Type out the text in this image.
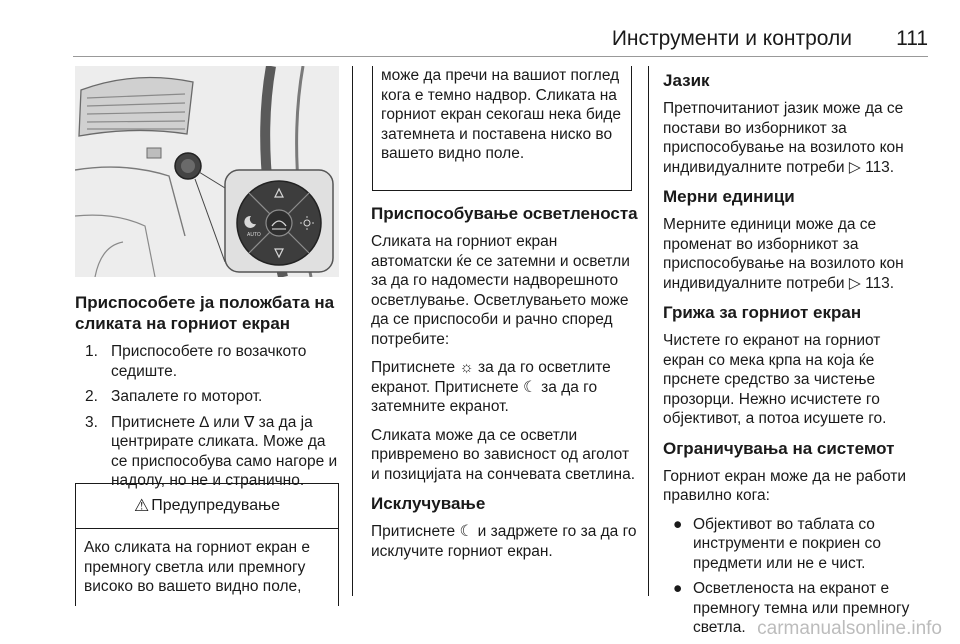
Инструменти и контроли 111
AUTO
Приспособете ја положбата на сликата на горниот екран
1. Приспособете го возачкото седиште.
2. Запалете го моторот.
3. Притиснете ∆ или ∇ за да ја центрирате сликата. Може да се приспособува само нагоре и надолу, но не и странично.
⚠ Предупредување
Ако сликата на горниот екран е премногу светла или премногу високо во вашето видно поле,
може да пречи на вашиот поглед кога е темно надвор. Сликата на горниот екран секогаш нека биде затемнета и поставена ниско во вашето видно поле.
Приспособување осветленоста

Сликата на горниот екран автоматски ќе се затемни и осветли за да го надомести надворешното осветлување. Осветлувањето може да се приспособи и рачно според потребите:

Притиснете ☼ за да го осветлите екранот. Притиснете ☾ за да го затемните екранот.

Сликата може да се осветли привремено во зависност од аголот и позицијата на сончевата светлина.

Исклучување

Притиснете ☾ и задржете го за да го исклучите горниот екран.

Јазик

Претпочитаниот јазик може да се постави во изборникот за приспособување на возилото кон индивидуалните потреби ▷ 113.

Мерни единици

Мерните единици може да се променат во изборникот за приспособување на возилото кон индивидуалните потреби ▷ 113.

Грижа за горниот екран

Чистете го екранот на горниот екран со мека крпа на која ќе прснете средство за чистење прозорци. Нежно исчистете го објективот, а потоа исушете го.

Ограничувања на системот

Горниот екран може да не работи правилно кога:

● Објективот во таблата со инструменти е покриен со предмети или не е чист.
● Осветленоста на екранот е премногу темна или премногу светла. carmanualsonline.info
